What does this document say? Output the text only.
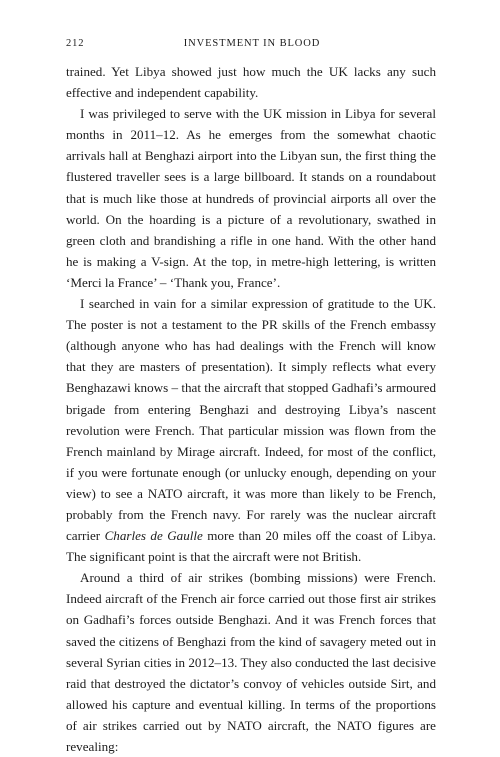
212	INVESTMENT IN BLOOD

trained. Yet Libya showed just how much the UK lacks any such effective and independent capability.

I was privileged to serve with the UK mission in Libya for several months in 2011–12. As he emerges from the somewhat chaotic arrivals hall at Benghazi airport into the Libyan sun, the first thing the flustered traveller sees is a large billboard. It stands on a roundabout that is much like those at hundreds of provincial airports all over the world. On the hoarding is a picture of a revolutionary, swathed in green cloth and brandishing a rifle in one hand. With the other hand he is making a V-sign. At the top, in metre-high lettering, is written ‘Merci la France’ – ‘Thank you, France’.

I searched in vain for a similar expression of gratitude to the UK. The poster is not a testament to the PR skills of the French embassy (although anyone who has had dealings with the French will know that they are masters of presentation). It simply reflects what every Benghazawi knows – that the aircraft that stopped Gadhafi’s armoured brigade from entering Benghazi and destroying Libya’s nascent revolution were French. That particular mission was flown from the French mainland by Mirage aircraft. Indeed, for most of the conflict, if you were fortunate enough (or unlucky enough, depending on your view) to see a NATO aircraft, it was more than likely to be French, probably from the French navy. For rarely was the nuclear aircraft carrier Charles de Gaulle more than 20 miles off the coast of Libya. The significant point is that the aircraft were not British.

Around a third of air strikes (bombing missions) were French. Indeed aircraft of the French air force carried out those first air strikes on Gadhafi’s forces outside Benghazi. And it was French forces that saved the citizens of Benghazi from the kind of savagery meted out in several Syrian cities in 2012–13. They also conducted the last decisive raid that destroyed the dictator’s convoy of vehicles outside Sirt, and allowed his capture and eventual killing. In terms of the proportions of air strikes carried out by NATO aircraft, the NATO figures are revealing:
